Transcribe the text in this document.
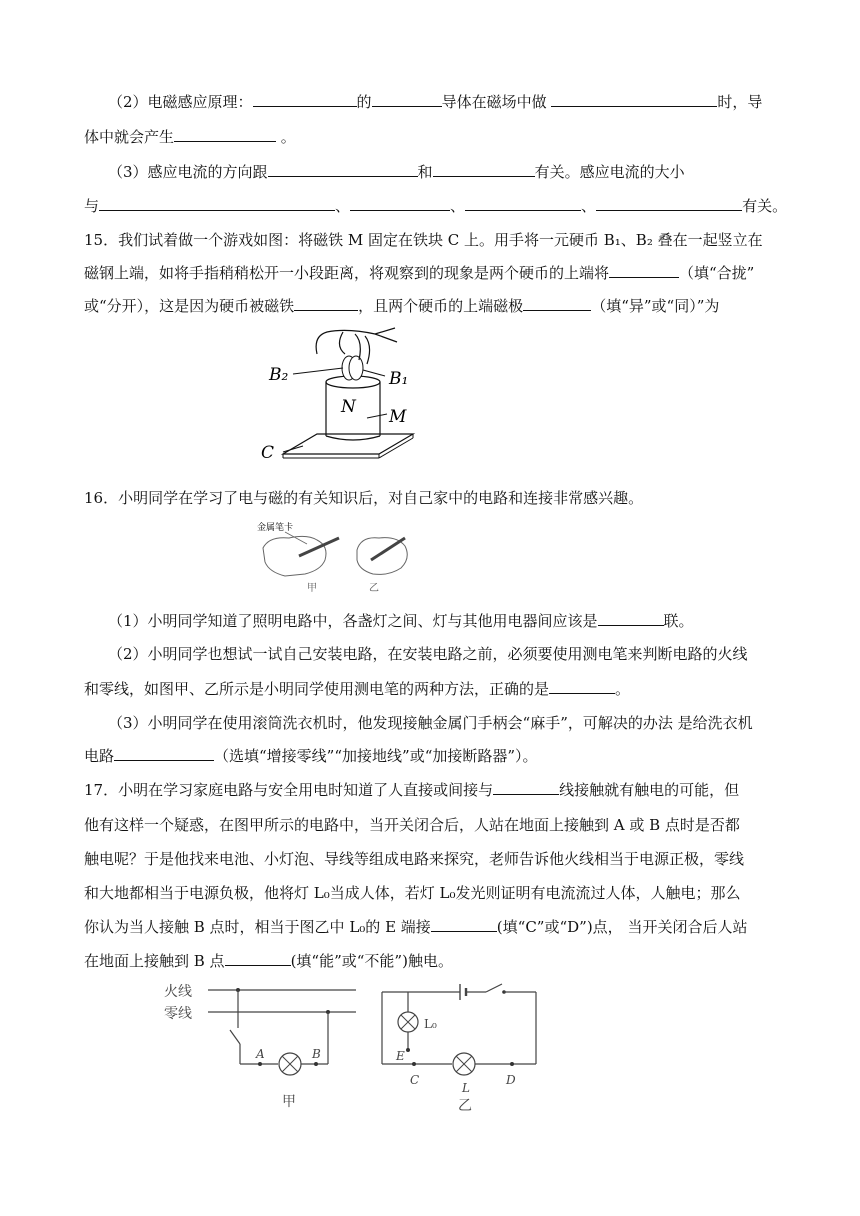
（2）电磁感应原理：	的	导体在磁场中做	时，导
体中就会产生	。
（3）感应电流的方向跟	和	有关。感应电流的大小
与	、	、	、	有关。
15．我们试着做一个游戏如图：将磁铁 M 固定在铁块 C 上。用手将一元硬币 B₁、B₂ 叠在一起竖立在
磁钢上端，如将手指稍稍松开一小段距离，将观察到的现象是两个硬币的上端将	（填“合拢”
或“分开），这是因为硬币被磁铁	，且两个硬币的上端磁极	（填“异”或“同）”为
B₂	B₁
N M
C
16．小明同学在学习了电与磁的有关知识后，对自己家中的电路和连接非常感兴趣。
金属笔卡
甲	乙
（1）小明同学知道了照明电路中，各盏灯之间、灯与其他用电器间应该是	联。
（2）小明同学也想试一试自己安装电路，在安装电路之前，必须要使用测电笔来判断电路的火线
和零线，如图甲、乙所示是小明同学使用测电笔的两种方法，正确的是	。
（3）小明同学在使用滚筒洗衣机时，他发现接触金属门手柄会“麻手”，可解决的办法 是给洗衣机
电路	（选填“增接零线”“加接地线”或“加接断路器”）。
17．小明在学习家庭电路与安全用电时知道了人直接或间接与	线接触就有触电的可能，但
他有这样一个疑惑，在图甲所示的电路中，当开关闭合后，人站在地面上接触到 A 或 B 点时是否都
触电呢？于是他找来电池、小灯泡、导线等组成电路来探究，老师告诉他火线相当于电源正极，零线
和大地都相当于电源负极，他将灯 L₀当成人体，若灯 L₀发光则证明有电流流过人体，人触电；那么
你认为当人接触 B 点时，相当于图乙中 L₀的 E 端接	(填“C”或“D”)点， 当开关闭合后人站
在地面上接触到 B 点	(填“能”或“不能”)触电。
火线
零线
A	B
甲
L₀
E
C
L
D
乙
